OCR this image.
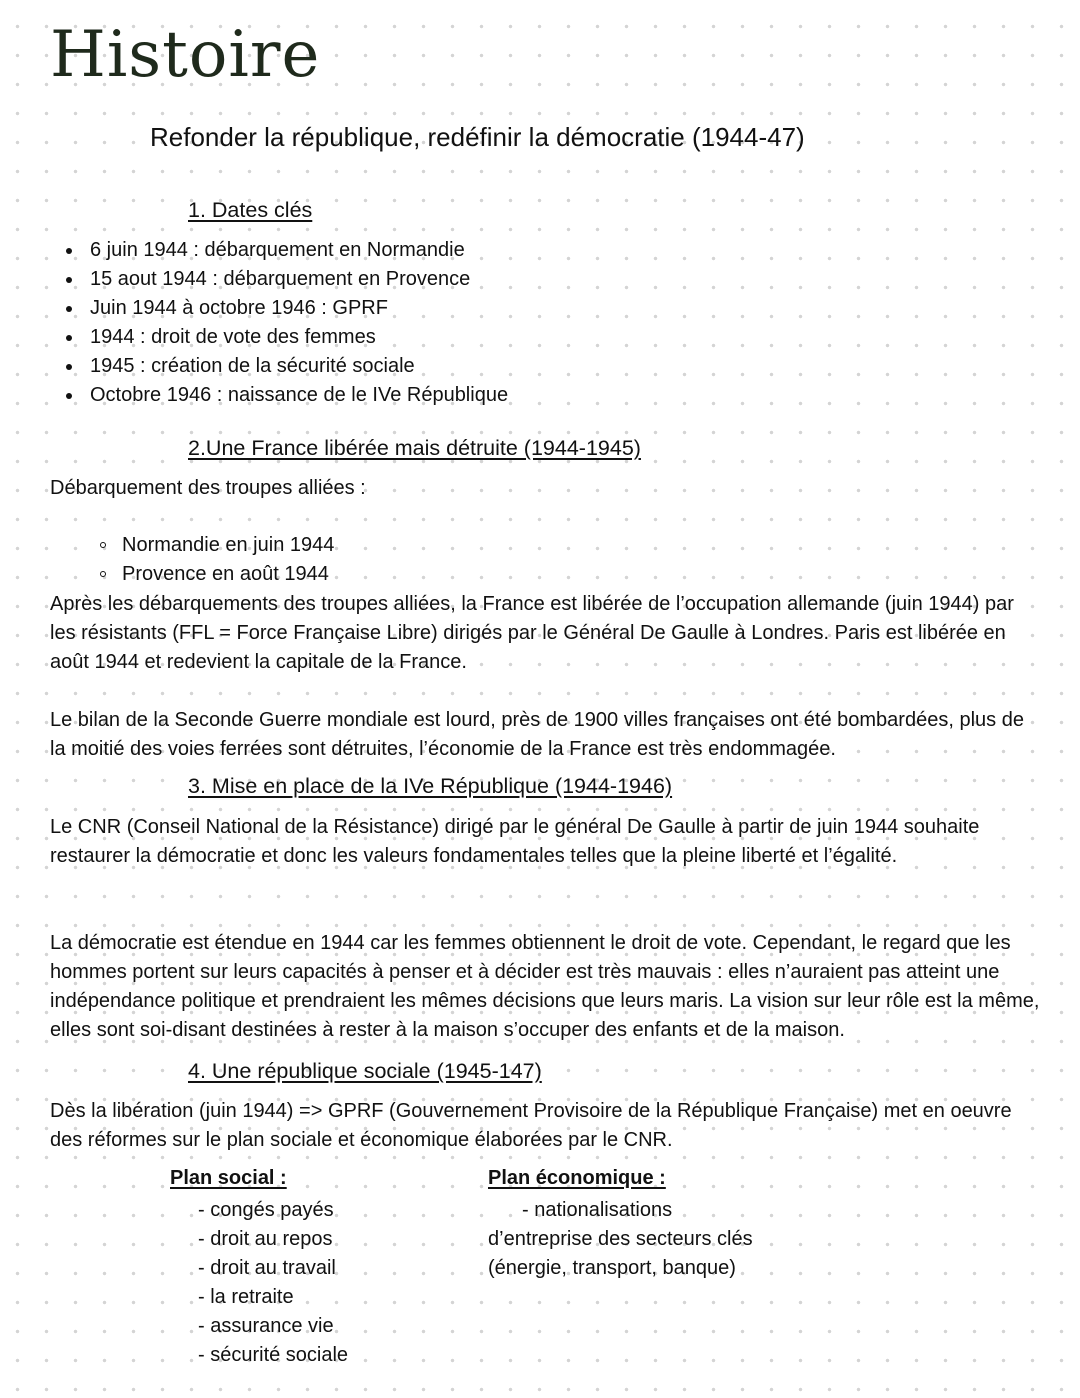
Histoire
Refonder la république, redéfinir la démocratie (1944-47)
1. Dates clés
6 juin 1944 : débarquement en Normandie
15 aout 1944 : débarquement en Provence
Juin 1944 à octobre 1946 : GPRF
1944 : droit de vote des femmes
1945 : création de la sécurité sociale
Octobre 1946 : naissance de le IVe République
2.Une France libérée mais détruite (1944-1945)
Débarquement des troupes alliées :
Normandie en juin 1944
Provence en août 1944

Après les débarquements des troupes alliées, la France est libérée de l’occupation allemande (juin 1944) par les résistants (FFL = Force Française Libre) dirigés par le Général De Gaulle à Londres. Paris est libérée en août 1944 et redevient la capitale de la France.

Le bilan de la Seconde Guerre mondiale est lourd, près de 1900 villes françaises ont été bombardées, plus de la moitié des voies ferrées sont détruites, l’économie de la France est très endommagée.

3. Mise en place de la IVe République (1944-1946)

Le CNR (Conseil National de la Résistance) dirigé par le général De Gaulle à partir de juin 1944 souhaite restaurer la démocratie et donc les valeurs fondamentales telles que la pleine liberté et l’égalité.

La démocratie est étendue en 1944 car les femmes obtiennent le droit de vote. Cependant, le regard que les hommes portent sur leurs capacités à penser et à décider est très mauvais : elles n’auraient pas atteint une indépendance politique et prendraient les mêmes décisions que leurs maris. La vision sur leur rôle est la même, elles sont soi-disant destinées à rester à la maison s’occuper des enfants et de la maison.

4. Une république sociale (1945-147)

Dès la libération (juin 1944) => GPRF (Gouvernement Provisoire de la République Française) met en oeuvre des réformes sur le plan sociale et économique élaborées par le CNR.

Plan social :
- congés payés
- droit au repos
- droit au travail
- la retraite
- assurance vie
- sécurité sociale
Plan économique :
- nationalisations
d’entreprise des secteurs clés
(énergie, transport, banque)
